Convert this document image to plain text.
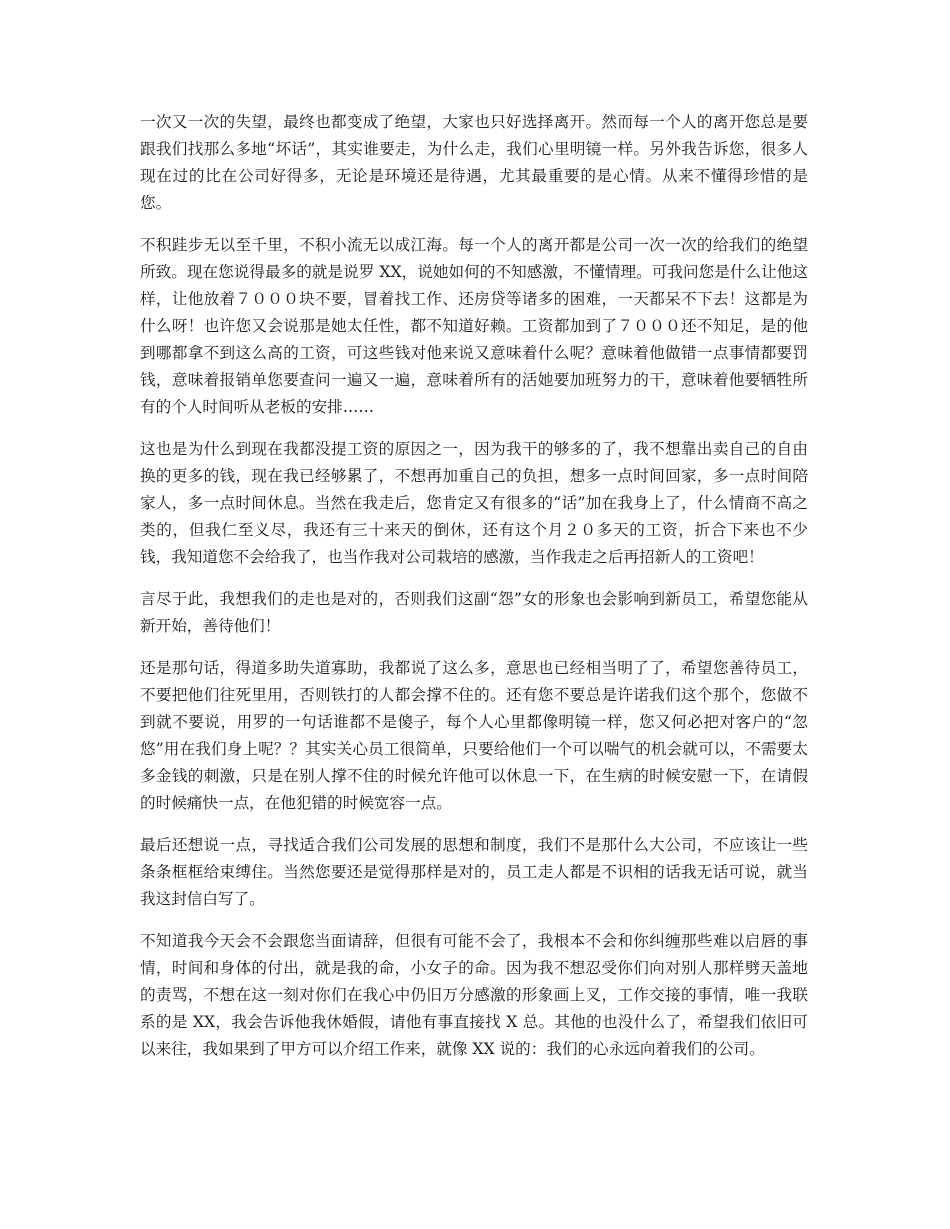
一次又一次的失望，最终也都变成了绝望，大家也只好选择离开。然而每一个人的离开您总是要跟我们找那么多地“坏话”，其实谁要走，为什么走，我们心里明镜一样。另外我告诉您，很多人现在过的比在公司好得多，无论是环境还是待遇，尤其最重要的是心情。从来不懂得珍惜的是您。

不积跬步无以至千里，不积小流无以成江海。每一个人的离开都是公司一次一次的给我们的绝望所致。现在您说得最多的就是说罗 XX，说她如何的不知感激，不懂情理。可我问您是什么让他这样，让他放着７０００块不要，冒着找工作、还房贷等诸多的困难，一天都呆不下去！这都是为什么呀！也许您又会说那是她太任性，都不知道好赖。工资都加到了７０００还不知足，是的他到哪都拿不到这么高的工资，可这些钱对他来说又意味着什么呢？意味着他做错一点事情都要罚钱，意味着报销单您要查问一遍又一遍，意味着所有的活她要加班努力的干，意味着他要牺牲所有的个人时间听从老板的安排……

这也是为什么到现在我都没提工资的原因之一，因为我干的够多的了，我不想靠出卖自己的自由换的更多的钱，现在我已经够累了，不想再加重自己的负担，想多一点时间回家，多一点时间陪家人，多一点时间休息。当然在我走后，您肯定又有很多的“话”加在我身上了，什么情商不高之类的，但我仁至义尽，我还有三十来天的倒休，还有这个月２０多天的工资，折合下来也不少钱，我知道您不会给我了，也当作我对公司栽培的感激，当作我走之后再招新人的工资吧！

言尽于此，我想我们的走也是对的，否则我们这副“怨”女的形象也会影响到新员工，希望您能从新开始，善待他们！

还是那句话，得道多助失道寡助，我都说了这么多，意思也已经相当明了了，希望您善待员工，不要把他们往死里用，否则铁打的人都会撑不住的。还有您不要总是许诺我们这个那个，您做不到就不要说，用罗的一句话谁都不是傻子，每个人心里都像明镜一样，您又何必把对客户的“忽悠”用在我们身上呢？？其实关心员工很简单，只要给他们一个可以喘气的机会就可以，不需要太多金钱的刺激，只是在别人撑不住的时候允许他可以休息一下，在生病的时候安慰一下，在请假的时候痛快一点，在他犯错的时候宽容一点。

最后还想说一点，寻找适合我们公司发展的思想和制度，我们不是那什么大公司，不应该让一些条条框框给束缚住。当然您要还是觉得那样是对的，员工走人都是不识相的话我无话可说，就当我这封信白写了。

不知道我今天会不会跟您当面请辞，但很有可能不会了，我根本不会和你纠缠那些难以启唇的事情，时间和身体的付出，就是我的命，小女子的命。因为我不想忍受你们向对别人那样劈天盖地的责骂，不想在这一刻对你们在我心中仍旧万分感激的形象画上叉，工作交接的事情，唯一我联系的是 XX，我会告诉他我休婚假，请他有事直接找 X 总。其他的也没什么了，希望我们依旧可以来往，我如果到了甲方可以介绍工作来，就像 XX 说的：我们的心永远向着我们的公司。
